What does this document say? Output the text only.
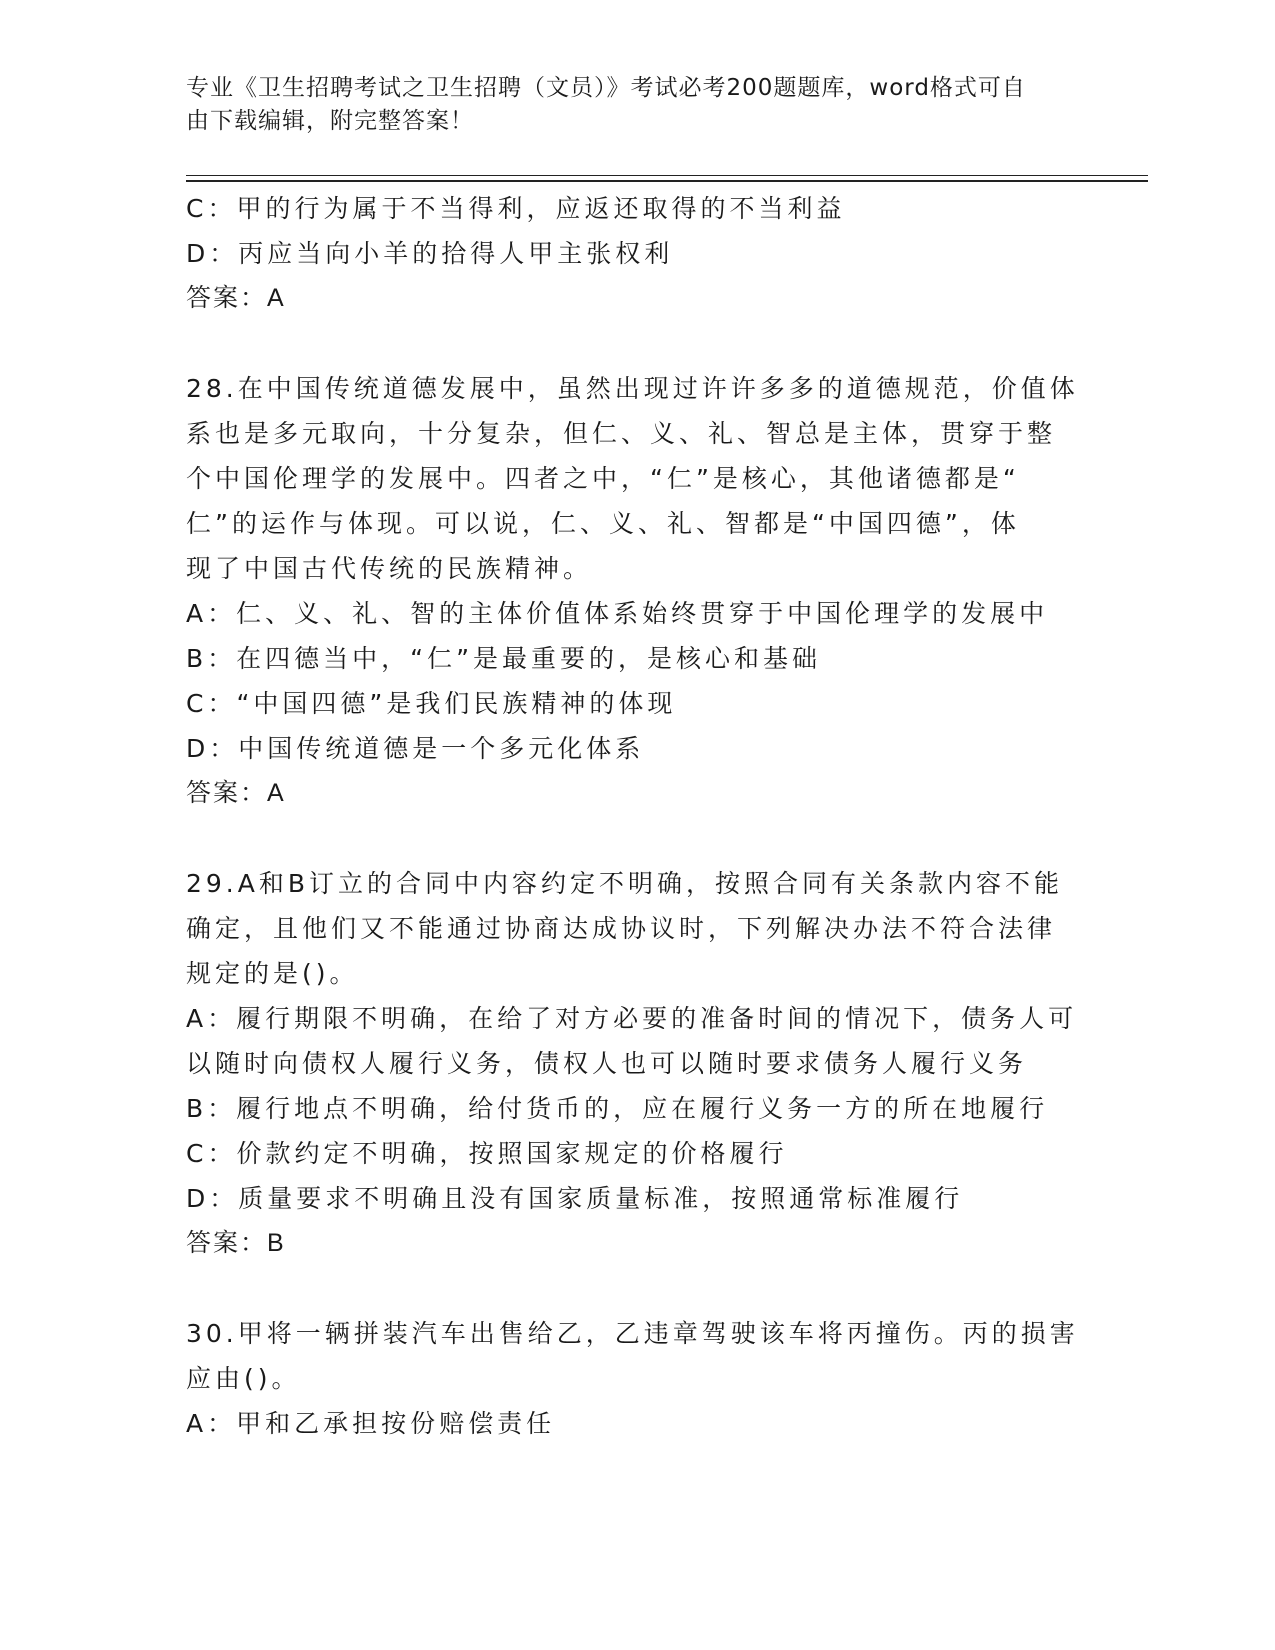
专业《卫生招聘考试之卫生招聘（文员）》考试必考200题题库，word格式可自
由下载编辑，附完整答案！
C：甲的行为属于不当得利，应返还取得的不当利益
D：丙应当向小羊的拾得人甲主张权利
答案：A
28.在中国传统道德发展中，虽然出现过许许多多的道德规范，价值体
系也是多元取向，十分复杂，但仁、义、礼、智总是主体，贯穿于整
个中国伦理学的发展中。四者之中，“仁”是核心，其他诸德都是“
仁”的运作与体现。可以说，仁、义、礼、智都是“中国四德”，体
现了中国古代传统的民族精神。
A：仁、义、礼、智的主体价值体系始终贯穿于中国伦理学的发展中
B：在四德当中，“仁”是最重要的，是核心和基础
C：“中国四德”是我们民族精神的体现
D：中国传统道德是一个多元化体系
答案：A
29.A和B订立的合同中内容约定不明确，按照合同有关条款内容不能
确定，且他们又不能通过协商达成协议时，下列解决办法不符合法律
规定的是()。
A：履行期限不明确，在给了对方必要的准备时间的情况下，债务人可
以随时向债权人履行义务，债权人也可以随时要求债务人履行义务
B：履行地点不明确，给付货币的，应在履行义务一方的所在地履行
C：价款约定不明确，按照国家规定的价格履行
D：质量要求不明确且没有国家质量标准，按照通常标准履行
答案：B
30.甲将一辆拼装汽车出售给乙，乙违章驾驶该车将丙撞伤。丙的损害
应由()。
A：甲和乙承担按份赔偿责任
